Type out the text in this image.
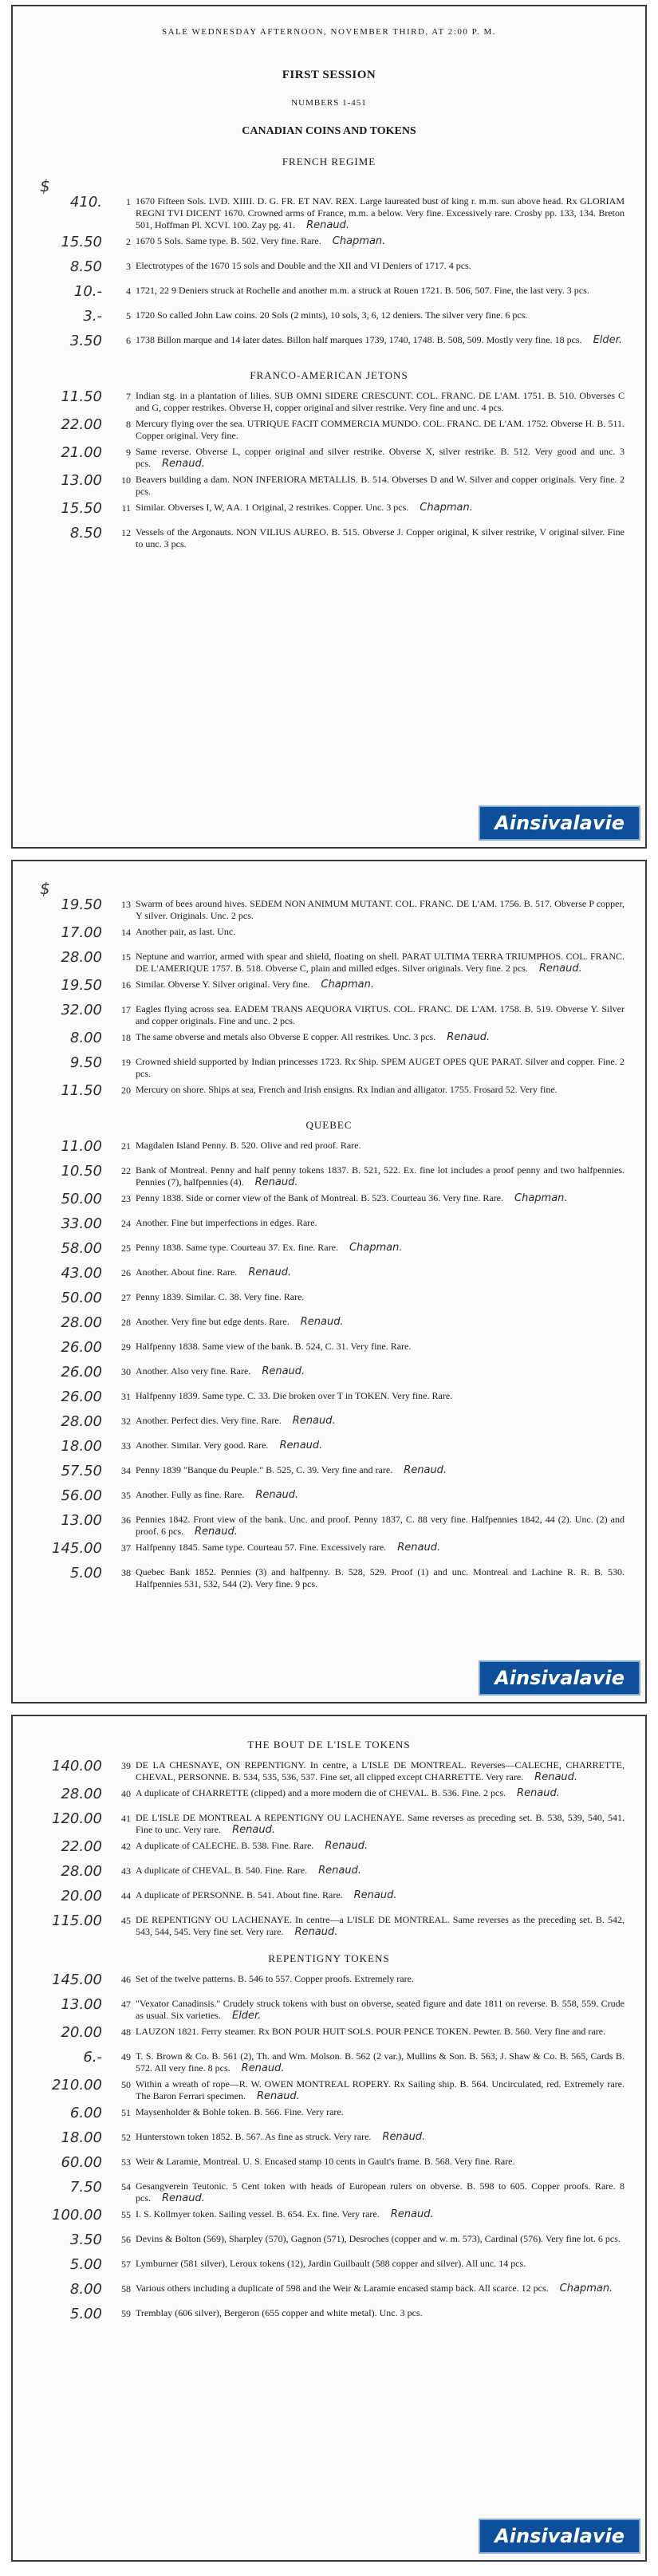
SALE WEDNESDAY AFTERNOON, NOVEMBER THIRD, AT 2:00 P. M.
FIRST SESSION
NUMBERS 1-451
CANADIAN COINS AND TOKENS
FRENCH REGIME
$
410.	1 1670 Fifteen Sols. LVD. XIIII. D. G. FR. ET NAV. REX. Large laureated bust of king r. m.m. sun above head. Rx GLORIAM REGNI TVI DICENT 1670. Crowned arms of France, m.m. a below. Very fine. Excessively rare. Crosby pp. 133, 134. Breton 501, Hoffman Pl. XCVI. 100. Zay pg. 41. Renaud.
15.50	2 1670 5 Sols. Same type. B. 502. Very fine. Rare. Chapman.
8.50	3 Electrotypes of the 1670 15 sols and Double and the XII and VI Deniers of 1717. 4 pcs.
10.-	4 1721, 22 9 Deniers struck at Rochelle and another m.m. a struck at Rouen 1721. B. 506, 507. Fine, the last very. 3 pcs.
3.-	5 1720 So called John Law coins. 20 Sols (2 mints), 10 sols, 3, 6, 12 deniers. The silver very fine. 6 pcs.
3.50	6 1738 Billon marque and 14 later dates. Billon half marques 1739, 1740, 1748. B. 508, 509. Mostly very fine. 18 pcs. Elder.
FRANCO-AMERICAN JETONS
11.50	7 Indian stg. in a plantation of lilies. SUB OMNI SIDERE CRESCUNT. COL. FRANC. DE L'AM. 1751. B. 510. Obverses C and G, copper restrikes. Obverse H, copper original and silver restrike. Very fine and unc. 4 pcs.
22.00	8 Mercury flying over the sea. UTRIQUE FACIT COMMERCIA MUNDO. COL. FRANC. DE L'AM. 1752. Obverse H. B. 511. Copper original. Very fine.
21.00	9 Same reverse. Obverse L, copper original and silver restrike. Obverse X, silver restrike. B. 512. Very good and unc. 3 pcs. Renaud.
13.00	10 Beavers building a dam. NON INFERIORA METALLIS. B. 514. Obverses D and W. Silver and copper originals. Very fine. 2 pcs.
15.50	11 Similar. Obverses I, W, AA. 1 Original, 2 restrikes. Copper. Unc. 3 pcs. Chapman.
8.50	12 Vessels of the Argonauts. NON VILIUS AUREO. B. 515. Obverse J. Copper original, K silver restrike, V original silver. Fine to unc. 3 pcs.
Ainsivalavie
$
19.50	13 Swarm of bees around hives. SEDEM NON ANIMUM MUTANT. COL. FRANC. DE L'AM. 1756. B. 517. Obverse P copper, Y silver. Originals. Unc. 2 pcs.
17.00	14 Another pair, as last. Unc.
28.00	15 Neptune and warrior, armed with spear and shield, floating on shell. PARAT ULTIMA TERRA TRIUMPHOS. COL. FRANC. DE L'AMERIQUE 1757. B. 518. Obverse C, plain and milled edges. Silver originals. Very fine. 2 pcs. Renaud.
19.50	16 Similar. Obverse Y. Silver original. Very fine. Chapman.
32.00	17 Eagles flying across sea. EADEM TRANS AEQUORA VIRTUS. COL. FRANC. DE L'AM. 1758. B. 519. Obverse Y. Silver and copper originals. Fine and unc. 2 pcs.
8.00	18 The same obverse and metals also Obverse E copper. All restrikes. Unc. 3 pcs. Renaud.
9.50	19 Crowned shield supported by Indian princesses 1723. Rx Ship. SPEM AUGET OPES QUE PARAT. Silver and copper. Fine. 2 pcs.
11.50	20 Mercury on shore. Ships at sea, French and Irish ensigns. Rx Indian and alligator. 1755. Frosard 52. Very fine.
QUEBEC
11.00	21 Magdalen Island Penny. B. 520. Olive and red proof. Rare.
10.50	22 Bank of Montreal. Penny and half penny tokens 1837. B. 521, 522. Ex. fine lot includes a proof penny and two halfpennies. Pennies (7), halfpennies (4). Renaud.
50.00	23 Penny 1838. Side or corner view of the Bank of Montreal. B. 523. Courteau 36. Very fine. Rare. Chapman.
33.00	24 Another. Fine but imperfections in edges. Rare.
58.00	25 Penny 1838. Same type. Courteau 37. Ex. fine. Rare. Chapman.
43.00	26 Another. About fine. Rare. Renaud.
50.00	27 Penny 1839. Similar. C. 38. Very fine. Rare.
28.00	28 Another. Very fine but edge dents. Rare. Renaud.
26.00	29 Halfpenny 1838. Same view of the bank. B. 524, C. 31. Very fine. Rare.
26.00	30 Another. Also very fine. Rare. Renaud.
26.00	31 Halfpenny 1839. Same type. C. 33. Die broken over T in TOKEN. Very fine. Rare.
28.00	32 Another. Perfect dies. Very fine. Rare. Renaud.
18.00	33 Another. Similar. Very good. Rare. Renaud.
57.50	34 Penny 1839 "Banque du Peuple." B. 525, C. 39. Very fine and rare. Renaud.
56.00	35 Another. Fully as fine. Rare. Renaud.
13.00	36 Pennies 1842. Front view of the bank. Unc. and proof. Penny 1837, C. 88 very fine. Halfpennies 1842, 44 (2). Unc. (2) and proof. 6 pcs. Renaud.
145.00	37 Halfpenny 1845. Same type. Courteau 57. Fine. Excessively rare. Renaud.
5.00	38 Quebec Bank 1852. Pennies (3) and halfpenny. B. 528, 529. Proof (1) and unc. Montreal and Lachine R. R. B. 530. Halfpennies 531, 532, 544 (2). Very fine. 9 pcs.
Ainsivalavie
THE BOUT DE L'ISLE TOKENS
140.00	39 DE LA CHESNAYE, ON REPENTIGNY. In centre, a L'ISLE DE MONTREAL. Reverses—CALECHE, CHARRETTE, CHEVAL, PERSONNE. B. 534, 535, 536, 537. Fine set, all clipped except CHARRETTE. Very rare. Renaud.
28.00	40 A duplicate of CHARRETTE (clipped) and a more modern die of CHEVAL. B. 536. Fine. 2 pcs. Renaud.
120.00	41 DE L'ISLE DE MONTREAL A REPENTIGNY OU LACHENAYE. Same reverses as preceding set. B. 538, 539, 540, 541. Fine to unc. Very rare. Renaud.
22.00	42 A duplicate of CALECHE. B. 538. Fine. Rare. Renaud.
28.00	43 A duplicate of CHEVAL. B. 540. Fine. Rare. Renaud.
20.00	44 A duplicate of PERSONNE. B. 541. About fine. Rare. Renaud.
115.00	45 DE REPENTIGNY OU LACHENAYE. In centre—a L'ISLE DE MONTREAL. Same reverses as the preceding set. B. 542, 543, 544, 545. Very fine set. Very rare. Renaud.
REPENTIGNY TOKENS
145.00	46 Set of the twelve patterns. B. 546 to 557. Copper proofs. Extremely rare.
13.00	47 "Vexator Canadinsis." Crudely struck tokens with bust on obverse, seated figure and date 1811 on reverse. B. 558, 559. Crude as usual. Six varieties. Elder.
20.00	48 LAUZON 1821. Ferry steamer. Rx BON POUR HUIT SOLS. POUR PENCE TOKEN. Pewter. B. 560. Very fine and rare.
6.-	49 T. S. Brown & Co. B. 561 (2), Th. and Wm. Molson. B. 562 (2 var.), Mullins & Son. B. 563, J. Shaw & Co. B. 565, Cards B. 572. All very fine. 8 pcs. Renaud.
210.00	50 Within a wreath of rope—R. W. OWEN MONTREAL ROPERY. Rx Sailing ship. B. 564. Uncirculated, red. Extremely rare. The Baron Ferrari specimen. Renaud.
6.00	51 Maysenholder & Bohle token. B. 566. Fine. Very rare.
18.00	52 Hunterstown token 1852. B. 567. As fine as struck. Very rare. Renaud.
60.00	53 Weir & Laramie, Montreal. U. S. Encased stamp 10 cents in Gault's frame. B. 568. Very fine. Rare.
7.50	54 Gesangverein Teutonic. 5 Cent token with heads of European rulers on obverse. B. 598 to 605. Copper proofs. Rare. 8 pcs. Renaud.
100.00	55 I. S. Kollmyer token. Sailing vessel. B. 654. Ex. fine. Very rare. Renaud.
3.50	56 Devins & Bolton (569), Sharpley (570), Gagnon (571), Desroches (copper and w. m. 573), Cardinal (576). Very fine lot. 6 pcs.
5.00	57 Lymburner (581 silver), Leroux tokens (12), Jardin Guilbault (588 copper and silver). All unc. 14 pcs.
8.00	58 Various others including a duplicate of 598 and the Weir & Laramie encased stamp back. All scarce. 12 pcs. Chapman.
5.00	59 Tremblay (606 silver), Bergeron (655 copper and white metal). Unc. 3 pcs.
Ainsivalavie
